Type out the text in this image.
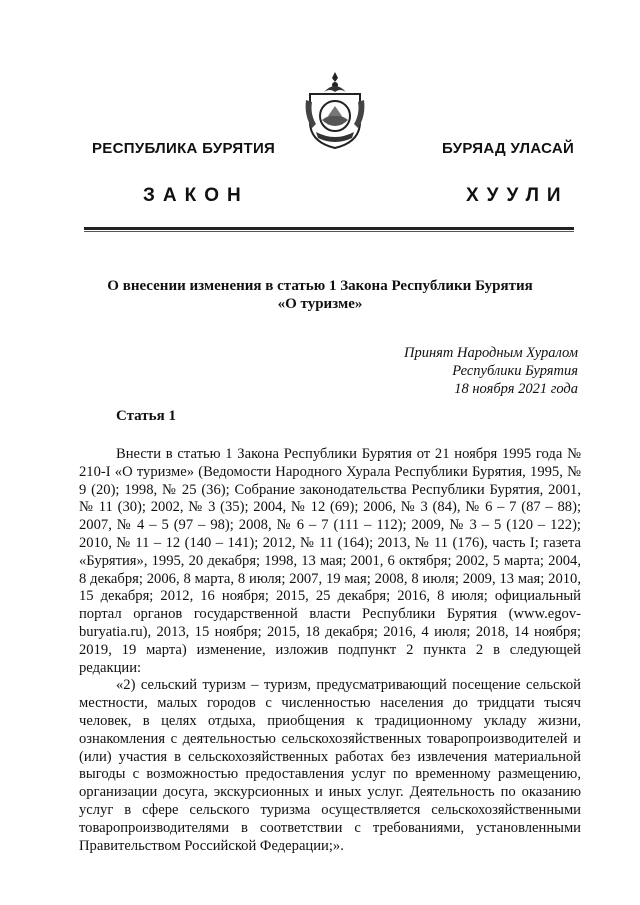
РЕСПУБЛИКА БУРЯТИЯ	БУРЯАД УЛАСАЙ
ЗАКОН	ХУУЛИ
О внесении изменения в статью 1 Закона Республики Бурятия
«О туризме»
Принят Народным Хуралом
Республики Бурятия
18 ноября 2021 года
Статья 1

Внести в статью 1 Закона Республики Бурятия от 21 ноября 1995 года № 210-I «О туризме» (Ведомости Народного Хурала Республики Бурятия, 1995, № 9 (20); 1998, № 25 (36); Собрание законодательства Республики Бурятия, 2001, № 11 (30); 2002, № 3 (35); 2004, № 12 (69); 2006, № 3 (84), № 6 – 7 (87 – 88); 2007, № 4 – 5 (97 – 98); 2008, № 6 – 7 (111 – 112); 2009, № 3 – 5 (120 – 122); 2010, № 11 – 12 (140 – 141); 2012, № 11 (164); 2013, № 11 (176), часть I; газета «Бурятия», 1995, 20 декабря; 1998, 13 мая; 2001, 6 октября; 2002, 5 марта; 2004, 8 декабря; 2006, 8 марта, 8 июля; 2007, 19 мая; 2008, 8 июля; 2009, 13 мая; 2010, 15 декабря; 2012, 16 ноября; 2015, 25 декабря; 2016, 8 июля; официальный портал органов государственной власти Республики Бурятия (www.egov-buryatia.ru), 2013, 15 ноября; 2015, 18 декабря; 2016, 4 июля; 2018, 14 ноября; 2019, 19 марта) изменение, изложив подпункт 2 пункта 2 в следующей редакции:

«2) сельский туризм – туризм, предусматривающий посещение сельской местности, малых городов с численностью населения до тридцати тысяч человек, в целях отдыха, приобщения к традиционному укладу жизни, ознакомления с деятельностью сельскохозяйственных товаропроизводителей и (или) участия в сельскохозяйственных работах без извлечения материальной выгоды с возможностью предоставления услуг по временному размещению, организации досуга, экскурсионных и иных услуг. Деятельность по оказанию услуг в сфере сельского туризма осуществляется сельскохозяйственными товаропроизводителями в соответствии с требованиями, установленными Правительством Российской Федерации;».
